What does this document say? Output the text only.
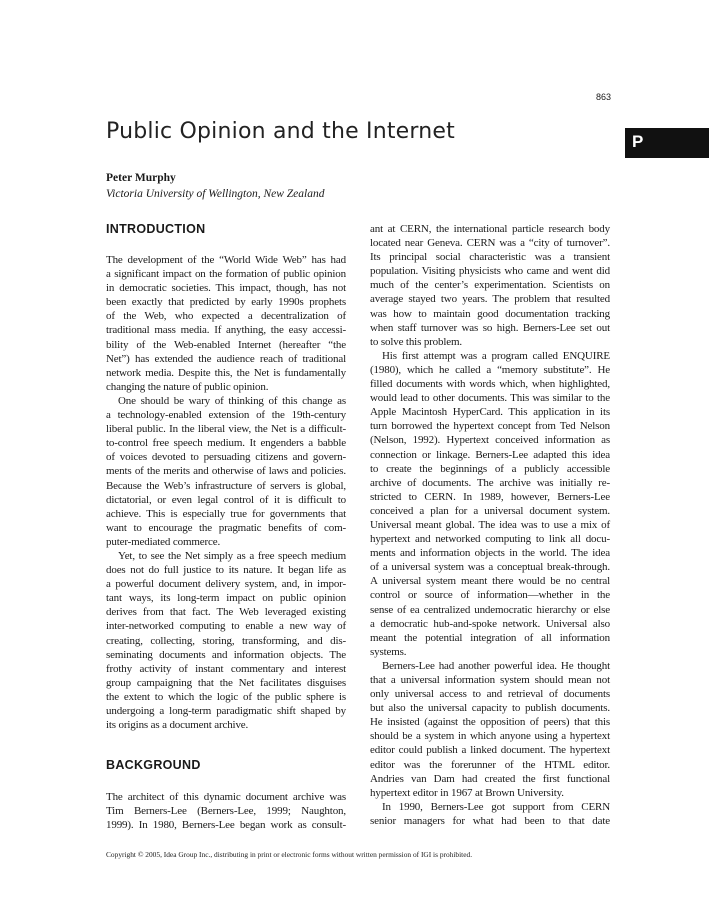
863
Public Opinion and the Internet	P
Peter Murphy
Victoria University of Wellington, New Zealand
INTRODUCTION
The development of the “World Wide Web” has had
a significant impact on the formation of public opinion
in democratic societies. This impact, though, has not
been exactly that predicted by early 1990s prophets
of the Web, who expected a decentralization of
traditional mass media. If anything, the easy accessi-
bility of the Web-enabled Internet (hereafter “the
Net”) has extended the audience reach of traditional
network media. Despite this, the Net is fundamentally
changing the nature of public opinion.
One should be wary of thinking of this change as
a technology-enabled extension of the 19th-century
liberal public. In the liberal view, the Net is a difficult-
to-control free speech medium. It engenders a babble
of voices devoted to persuading citizens and govern-
ments of the merits and otherwise of laws and policies.
Because the Web’s infrastructure of servers is global,
dictatorial, or even legal control of it is difficult to
achieve. This is especially true for governments that
want to encourage the pragmatic benefits of com-
puter-mediated commerce.
Yet, to see the Net simply as a free speech medium
does not do full justice to its nature. It began life as
a powerful document delivery system, and, in impor-
tant ways, its long-term impact on public opinion
derives from that fact. The Web leveraged existing
inter-networked computing to enable a new way of
creating, collecting, storing, transforming, and dis-
seminating documents and information objects. The
frothy activity of instant commentary and interest
group campaigning that the Net facilitates disguises
the extent to which the logic of the public sphere is
undergoing a long-term paradigmatic shift shaped by
its origins as a document archive.
BACKGROUND
The architect of this dynamic document archive was
Tim Berners-Lee (Berners-Lee, 1999; Naughton,
1999). In 1980, Berners-Lee began work as consult-
ant at CERN, the international particle research body
located near Geneva. CERN was a “city of turnover”.
Its principal social characteristic was a transient
population. Visiting physicists who came and went did
much of the center’s experimentation. Scientists on
average stayed two years. The problem that resulted
was how to maintain good documentation tracking
when staff turnover was so high. Berners-Lee set out
to solve this problem.
His first attempt was a program called ENQUIRE
(1980), which he called a “memory substitute”. He
filled documents with words which, when highlighted,
would lead to other documents. This was similar to the
Apple Macintosh HyperCard. This application in its
turn borrowed the hypertext concept from Ted Nelson
(Nelson, 1992). Hypertext conceived information as
connection or linkage. Berners-Lee adapted this idea
to create the beginnings of a publicly accessible
archive of documents. The archive was initially re-
stricted to CERN. In 1989, however, Berners-Lee
conceived a plan for a universal document system.
Universal meant global. The idea was to use a mix of
hypertext and networked computing to link all docu-
ments and information objects in the world. The idea
of a universal system was a conceptual break-through.
A universal system meant there would be no central
control or source of information—whether in the
sense of ea centralized undemocratic hierarchy or else
a democratic hub-and-spoke network. Universal also
meant the potential integration of all information
systems.
Berners-Lee had another powerful idea. He thought
that a universal information system should mean not
only universal access to and retrieval of documents
but also the universal capacity to publish documents.
He insisted (against the opposition of peers) that this
should be a system in which anyone using a hypertext
editor could publish a linked document. The hypertext
editor was the forerunner of the HTML editor.
Andries van Dam had created the first functional
hypertext editor in 1967 at Brown University.
In 1990, Berners-Lee got support from CERN
senior managers for what had been to that date
Copyright © 2005, Idea Group Inc., distributing in print or electronic forms without written permission of IGI is prohibited.
